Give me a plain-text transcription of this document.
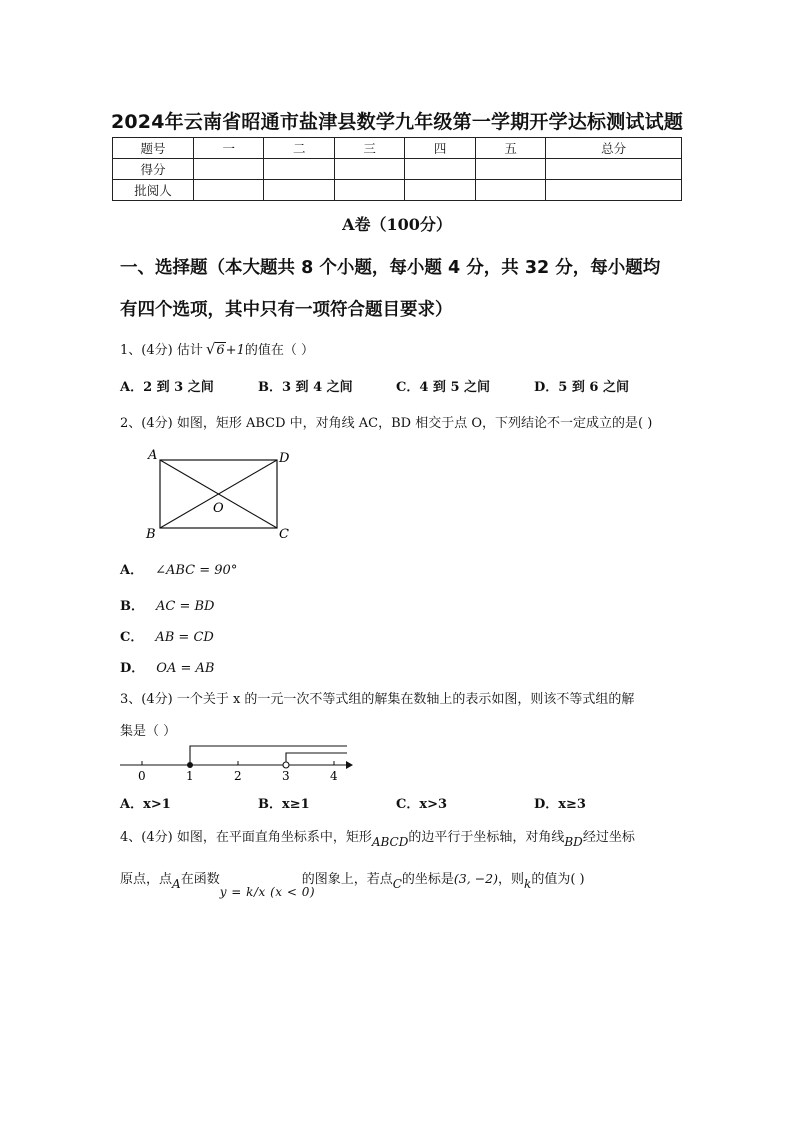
2024年云南省昭通市盐津县数学九年级第一学期开学达标测试试题
题号	一	二	三	四	五	总分
得分						
批阅人						
A卷（100分）
一、选择题（本大题共 8 个小题，每小题 4 分，共 32 分，每小题均
有四个选项，其中只有一项符合题目要求）
1、(4分) 估计 √6+1的值在（ ）
A．2 到 3 之间	B．3 到 4 之间	C．4 到 5 之间	D．5 到 6 之间
2、(4分) 如图，矩形 ABCD 中，对角线 AC，BD 相交于点 O，下列结论不一定成立的是( )
A	D
B	C
O
A． ∠ABC = 90°
B． AC = BD
C． AB = CD
D． OA = AB
3、(4分) 一个关于 x 的一元一次不等式组的解集在数轴上的表示如图，则该不等式组的解
集是（ ）
0	1	2	3	4
A．x>1	B．x≥1	C．x>3	D．x≥3
4、(4分) 如图，在平面直角坐标系中，矩形ABCD的边平行于坐标轴，对角线BD经过坐标
原点，点A在函数y = k/x (x < 0)的图象上，若点C的坐标是(3, −2)，则k的值为( )
